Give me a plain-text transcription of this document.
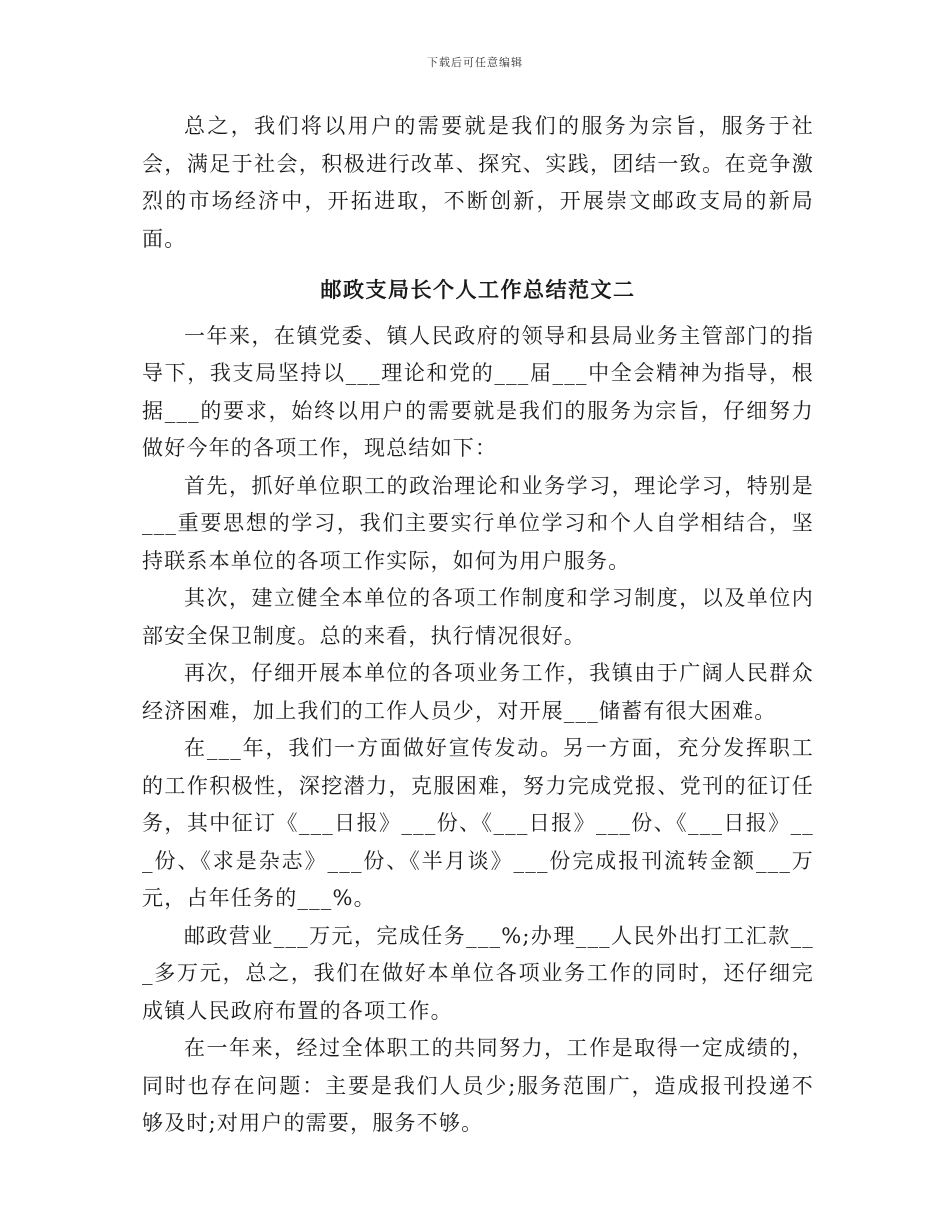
下载后可任意编辑

总之，我们将以用户的需要就是我们的服务为宗旨，服务于社会，满足于社会，积极进行改革、探究、实践，团结一致。在竞争激烈的市场经济中，开拓进取，不断创新，开展崇文邮政支局的新局面。

邮政支局长个人工作总结范文二

一年来，在镇党委、镇人民政府的领导和县局业务主管部门的指导下，我支局坚持以___理论和党的___届___中全会精神为指导，根据___的要求，始终以用户的需要就是我们的服务为宗旨，仔细努力做好今年的各项工作，现总结如下：

首先，抓好单位职工的政治理论和业务学习，理论学习，特别是___重要思想的学习，我们主要实行单位学习和个人自学相结合，坚持联系本单位的各项工作实际，如何为用户服务。

其次，建立健全本单位的各项工作制度和学习制度，以及单位内部安全保卫制度。总的来看，执行情况很好。

再次，仔细开展本单位的各项业务工作，我镇由于广阔人民群众经济困难，加上我们的工作人员少，对开展___储蓄有很大困难。

在___年，我们一方面做好宣传发动。另一方面，充分发挥职工的工作积极性，深挖潜力，克服困难，努力完成党报、党刊的征订任务，其中征订《___日报》___份、《___日报》___份、《___日报》___份、《求是杂志》___份、《半月谈》___份完成报刊流转金额___万元，占年任务的___%。

邮政营业___万元，完成任务___%;办理___人民外出打工汇款___多万元，总之，我们在做好本单位各项业务工作的同时，还仔细完成镇人民政府布置的各项工作。

在一年来，经过全体职工的共同努力，工作是取得一定成绩的，同时也存在问题：主要是我们人员少;服务范围广，造成报刊投递不够及时;对用户的需要，服务不够。
